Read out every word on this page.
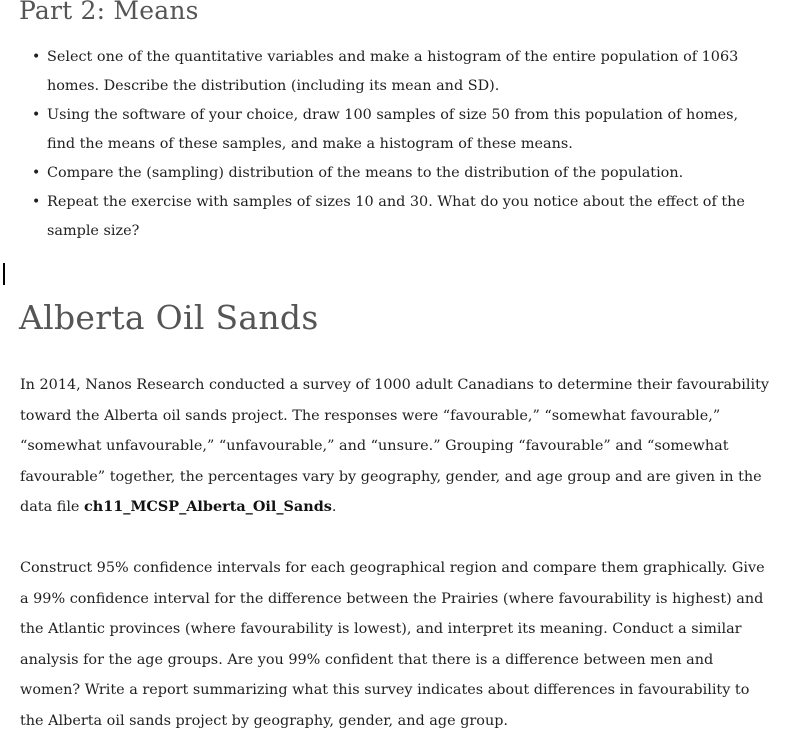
Part 2: Means
• Select one of the quantitative variables and make a histogram of the entire population of 1063 homes. Describe the distribution (including its mean and SD).
• Using the software of your choice, draw 100 samples of size 50 from this population of homes, find the means of these samples, and make a histogram of these means.
• Compare the (sampling) distribution of the means to the distribution of the population.
• Repeat the exercise with samples of sizes 10 and 30. What do you notice about the effect of the sample size?
Alberta Oil Sands

In 2014, Nanos Research conducted a survey of 1000 adult Canadians to determine their favourability toward the Alberta oil sands project. The responses were “favourable,” “somewhat favourable,” “somewhat unfavourable,” “unfavourable,” and “unsure.” Grouping “favourable” and “somewhat favourable” together, the percentages vary by geography, gender, and age group and are given in the data file ch11_MCSP_Alberta_Oil_Sands.

Construct 95% confidence intervals for each geographical region and compare them graphically. Give a 99% confidence interval for the difference between the Prairies (where favourability is highest) and the Atlantic provinces (where favourability is lowest), and interpret its meaning. Conduct a similar analysis for the age groups. Are you 99% confident that there is a difference between men and women? Write a report summarizing what this survey indicates about differences in favourability to the Alberta oil sands project by geography, gender, and age group.
